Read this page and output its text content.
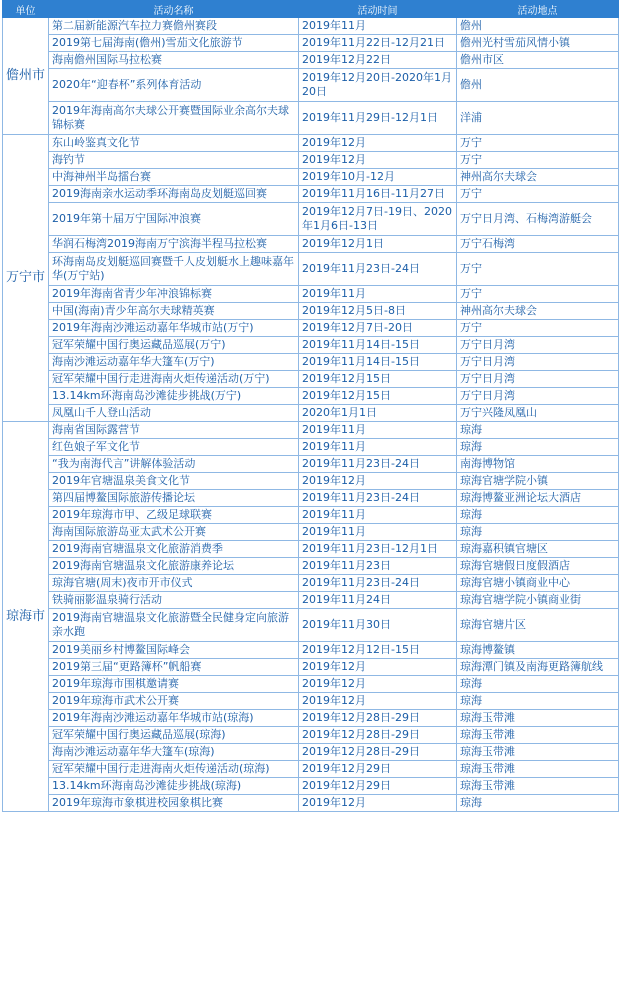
单位	活动名称	活动时间	活动地点
儋州市	第二届新能源汽车拉力赛儋州赛段	2019年11月	儋州
	2019第七届海南(儋州)雪茄文化旅游节	2019年11月22日-12月21日	儋州光村雪茄风情小镇
	海南儋州国际马拉松赛	2019年12月22日	儋州市区
	2020年“迎春杯”系列体育活动	2019年12月20日-2020年1月20日	儋州
	2019年海南高尔夫球公开赛暨国际业余高尔夫球锦标赛	2019年11月29日-12月1日	洋浦
万宁市	东山岭鉴真文化节	2019年12月	万宁
	海钓节	2019年12月	万宁
	中海神州半岛擂台赛	2019年10月-12月	神州高尔夫球会
	2019海南亲水运动季环海南岛皮划艇巡回赛	2019年11月16日-11月27日	万宁
	2019年第十届万宁国际冲浪赛	2019年12月7日-19日、2020年1月6日-13日	万宁日月湾、石梅湾游艇会
	华润石梅湾2019海南万宁滨海半程马拉松赛	2019年12月1日	万宁石梅湾
	环海南岛皮划艇巡回赛暨千人皮划艇水上趣味嘉年华(万宁站)	2019年11月23日-24日	万宁
	2019年海南省青少年冲浪锦标赛	2019年11月	万宁
	中国(海南)青少年高尔夫球精英赛	2019年12月5日-8日	神州高尔夫球会
	2019年海南沙滩运动嘉年华城市站(万宁)	2019年12月7日-20日	万宁
	冠军荣耀中国行奥运藏品巡展(万宁)	2019年11月14日-15日	万宁日月湾
	海南沙滩运动嘉年华大篷车(万宁)	2019年11月14日-15日	万宁日月湾
	冠军荣耀中国行走进海南火炬传递活动(万宁)	2019年12月15日	万宁日月湾
	13.14km环海南岛沙滩徒步挑战(万宁)	2019年12月15日	万宁日月湾
	凤凰山千人登山活动	2020年1月1日	万宁兴隆凤凰山
琼海市	海南省国际露营节	2019年11月	琼海
	红色娘子军文化节	2019年11月	琼海
	“我为南海代言”讲解体验活动	2019年11月23日-24日	南海博物馆
	2019年官塘温泉美食文化节	2019年12月	琼海官塘学院小镇
	第四届博鳌国际旅游传播论坛	2019年11月23日-24日	琼海博鳌亚洲论坛大酒店
	2019年琼海市甲、乙级足球联赛	2019年11月	琼海
	海南国际旅游岛亚太武术公开赛	2019年11月	琼海
	2019海南官塘温泉文化旅游消费季	2019年11月23日-12月1日	琼海嘉积镇官塘区
	2019海南官塘温泉文化旅游康养论坛	2019年11月23日	琼海官塘假日度假酒店
	琼海官塘(周末)夜市开市仪式	2019年11月23日-24日	琼海官塘小镇商业中心
	铁骑丽影温泉骑行活动	2019年11月24日	琼海官塘学院小镇商业街
	2019海南官塘温泉文化旅游暨全民健身定向旅游亲水跑	2019年11月30日	琼海官塘片区
	2019美丽乡村博鳌国际峰会	2019年12月12日-15日	琼海博鳌镇
	2019第三届“更路簿杯”帆船赛	2019年12月	琼海潭门镇及南海更路簿航线
	2019年琼海市围棋邀请赛	2019年12月	琼海
	2019年琼海市武术公开赛	2019年12月	琼海
	2019年海南沙滩运动嘉年华城市站(琼海)	2019年12月28日-29日	琼海玉带滩
	冠军荣耀中国行奥运藏品巡展(琼海)	2019年12月28日-29日	琼海玉带滩
	海南沙滩运动嘉年华大篷车(琼海)	2019年12月28日-29日	琼海玉带滩
	冠军荣耀中国行走进海南火炬传递活动(琼海)	2019年12月29日	琼海玉带滩
	13.14km环海南岛沙滩徒步挑战(琼海)	2019年12月29日	琼海玉带滩
	2019年琼海市象棋进校园象棋比赛	2019年12月	琼海
